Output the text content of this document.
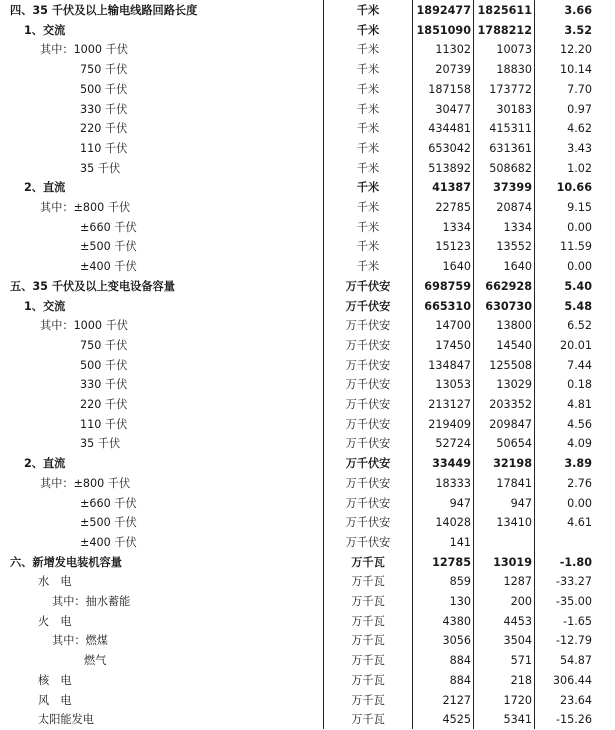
四、35 千伏及以上输电线路回路长度	千米	1892477 1825611	3.66
1、交流	千米	1851090 1788212	3.52
其中：1000 千伏	千米	11302	10073	12.20
750 千伏	千米	20739	18830	10.14
500 千伏	千米	187158	173772	7.70
330 千伏	千米	30477	30183	0.97
220 千伏	千米	434481	415311	4.62
110 千伏	千米	653042	631361	3.43
35 千伏	千米	513892	508682	1.02
2、直流	千米	41387	37399	10.66
其中：±800 千伏	千米	22785	20874	9.15
±660 千伏	千米	1334	1334	0.00
±500 千伏	千米	15123	13552	11.59
±400 千伏	千米	1640	1640	0.00
五、35 千伏及以上变电设备容量	万千伏安	698759	662928	5.40
1、交流	万千伏安	665310	630730	5.48
其中：1000 千伏	万千伏安	14700	13800	6.52
750 千伏	万千伏安	17450	14540	20.01
500 千伏	万千伏安	134847	125508	7.44
330 千伏	万千伏安	13053	13029	0.18
220 千伏	万千伏安	213127	203352	4.81
110 千伏	万千伏安	219409	209847	4.56
35 千伏	万千伏安	52724	50654	4.09
2、直流	万千伏安	33449	32198	3.89
其中：±800 千伏	万千伏安	18333	17841	2.76
±660 千伏	万千伏安	947	947	0.00
±500 千伏	万千伏安	14028	13410	4.61
±400 千伏	万千伏安	141
六、新增发电装机容量	万千瓦	12785	13019	-1.80
水　电	万千瓦	859	1287	-33.27
其中：抽水蓄能	万千瓦	130	200	-35.00
火　电	万千瓦	4380	4453	-1.65
其中：燃煤	万千瓦	3056	3504	-12.79
燃气	万千瓦	884	571	54.87
核　电	万千瓦	884	218	306.44
风　电	万千瓦	2127	1720	23.64
太阳能发电	万千瓦	4525	5341	-15.26
